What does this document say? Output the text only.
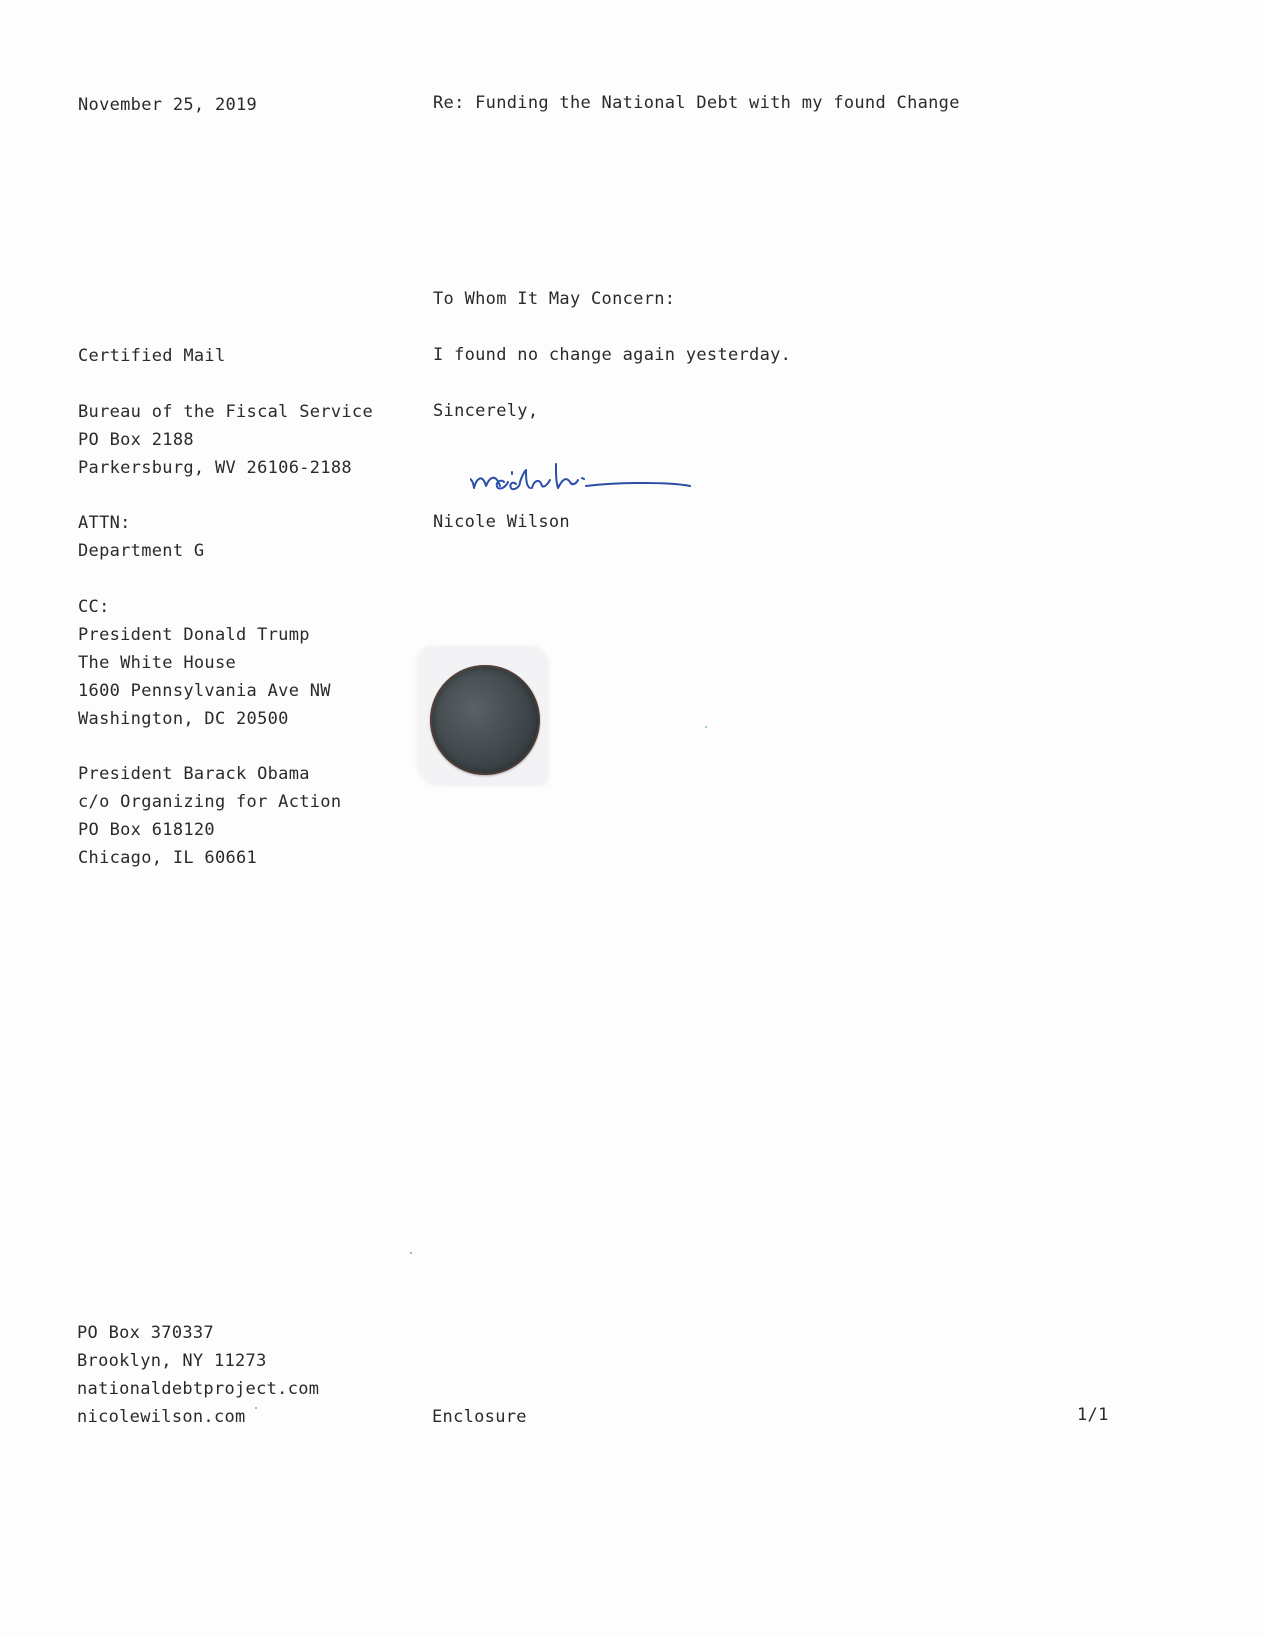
November 25, 2019	Re: Funding the National Debt with my found Change
To Whom It May Concern:
I found no change again yesterday.
Sincerely,
Nicole Wilson
Certified Mail
Bureau of the Fiscal Service
PO Box 2188
Parkersburg, WV 26106-2188
ATTN:
Department G
CC:
President Donald Trump
The White House
1600 Pennsylvania Ave NW
Washington, DC 20500
President Barack Obama
c/o Organizing for Action
PO Box 618120
Chicago, IL 60661
PO Box 370337
Brooklyn, NY 11273
nationaldebtproject.com
nicolewilson.com	Enclosure	1/1
